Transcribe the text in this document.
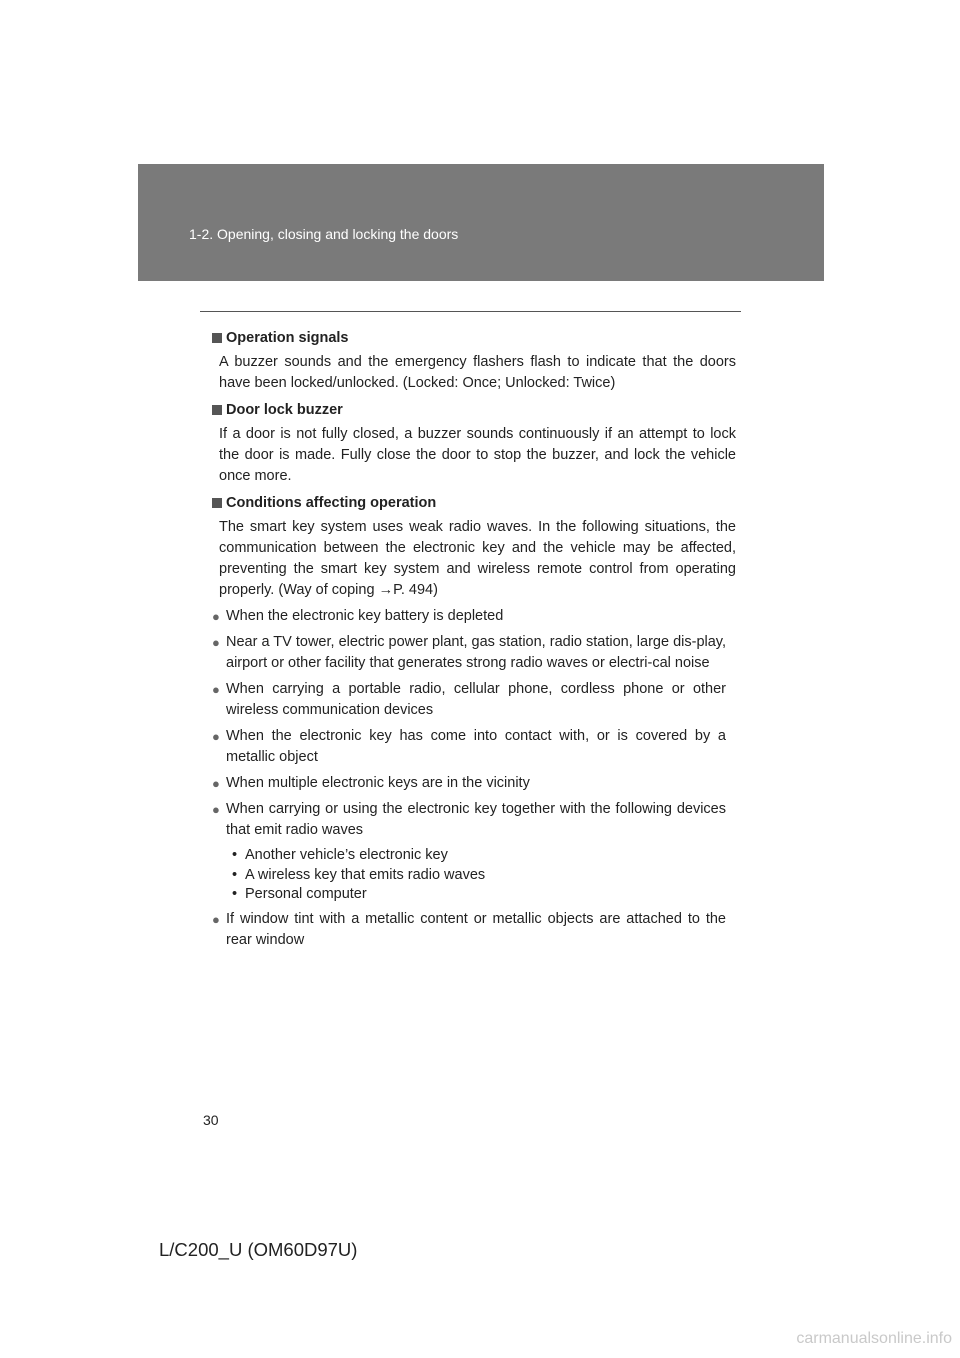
1-2. Opening, closing and locking the doors
Operation signals
A buzzer sounds and the emergency flashers flash to indicate that the doors have been locked/unlocked. (Locked: Once; Unlocked: Twice)
Door lock buzzer
If a door is not fully closed, a buzzer sounds continuously if an attempt to lock the door is made. Fully close the door to stop the buzzer, and lock the vehicle once more.
Conditions affecting operation
The smart key system uses weak radio waves. In the following situations, the communication between the electronic key and the vehicle may be affected, preventing the smart key system and wireless remote control from operating properly. (Way of coping →P. 494)
● When the electronic key battery is depleted
● Near a TV tower, electric power plant, gas station, radio station, large dis-play, airport or other facility that generates strong radio waves or electri-cal noise
● When carrying a portable radio, cellular phone, cordless phone or other wireless communication devices
● When the electronic key has come into contact with, or is covered by a metallic object
● When multiple electronic keys are in the vicinity
● When carrying or using the electronic key together with the following devices that emit radio waves
• Another vehicle’s electronic key
• A wireless key that emits radio waves
• Personal computer
● If window tint with a metallic content or metallic objects are attached to the rear window
30
L/C200_U (OM60D97U)
carmanualsonline.info
